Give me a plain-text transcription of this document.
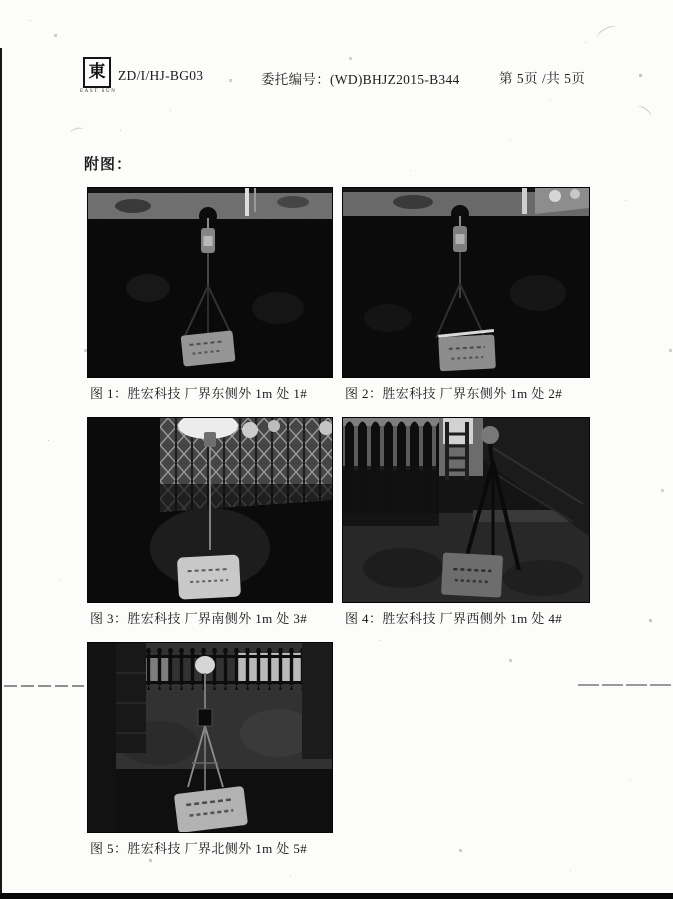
東
EAST SUN
ZD/I/HJ-BG03	委托编号：(WD)BHJZ2015-B344	第 5页 /共 5页
附图：
图 1：胜宏科技 厂界东侧外 1m 处 1#	图 2：胜宏科技 厂界东侧外 1m 处 2#
图 3：胜宏科技 厂界南侧外 1m 处 3#	图 4：胜宏科技 厂界西侧外 1m 处 4#
图 5：胜宏科技 厂界北侧外 1m 处 5#
